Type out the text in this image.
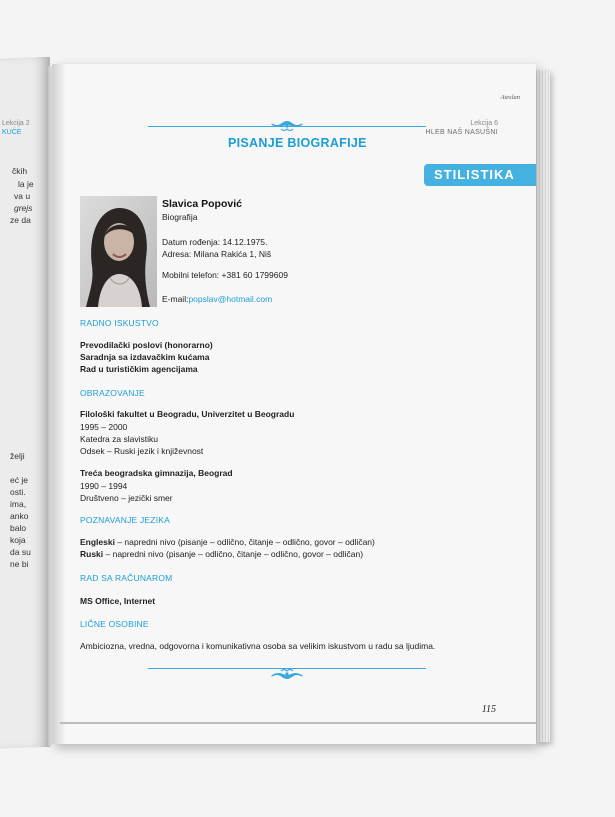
Lekcija 2
KUĆE
čkih
la je
va u
grejs
ze da
želji
eć je
osti.
ima,
anko
balo
koja
da su
ne bi
Ateslan
Lekcija 6
HLEB NAŠ NASUŠNI
PISANJE BIOGRAFIJE
STILISTIKA
Slavica Popović
Biografija
Datum rođenja: 14.12.1975.
Adresa: Milana Rakića 1, Niš
Mobilni telefon: +381 60 1799609
E-mail:popslav@hotmail.com
RADNO ISKUSTVO
Prevodilački poslovi (honorarno)
Saradnja sa izdavačkim kućama
Rad u turističkim agencijama
OBRAZOVANJE
Filološki fakultet u Beogradu, Univerzitet u Beogradu
1995 – 2000
Katedra za slavistiku
Odsek – Ruski jezik i književnost
Treća beogradska gimnazija, Beograd
1990 – 1994
Društveno – jezički smer
POZNAVANJE JEZIKA
Engleski – napredni nivo (pisanje – odlično, čitanje – odlično, govor – odličan)
Ruski – napredni nivo (pisanje – odlično, čitanje – odlično, govor – odličan)
RAD SA RAČUNAROM
MS Office, Internet
LIČNE OSOBINE
Ambiciozna, vredna, odgovorna i komunikativna osoba sa velikim iskustvom u radu sa ljudima.
115
